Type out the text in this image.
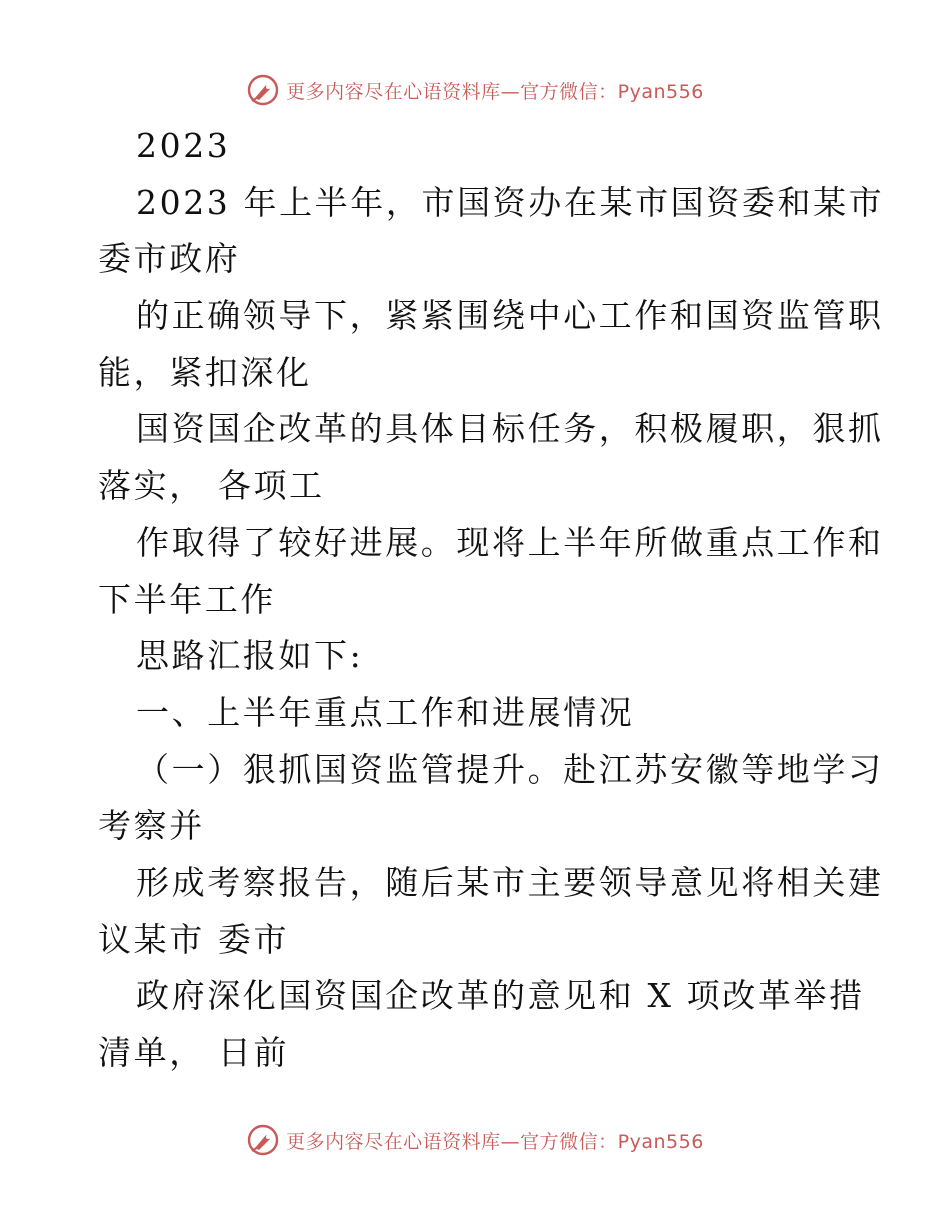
更多内容尽在心语资料库—官方微信：Pyan556
2023
2023 年上半年，市国资办在某市国资委和某市
委市政府
的正确领导下，紧紧围绕中心工作和国资监管职
能，紧扣深化
国资国企改革的具体目标任务，积极履职，狠抓
落实， 各项工
作取得了较好进展。现将上半年所做重点工作和
下半年工作
思路汇报如下:
一、上半年重点工作和进展情况
（一）狠抓国资监管提升。赴江苏安徽等地学习
考察并
形成考察报告，随后某市主要领导意见将相关建
议某市 委市
政府深化国资国企改革的意见和 X 项改革举措
清单， 日前
更多内容尽在心语资料库—官方微信：Pyan556
